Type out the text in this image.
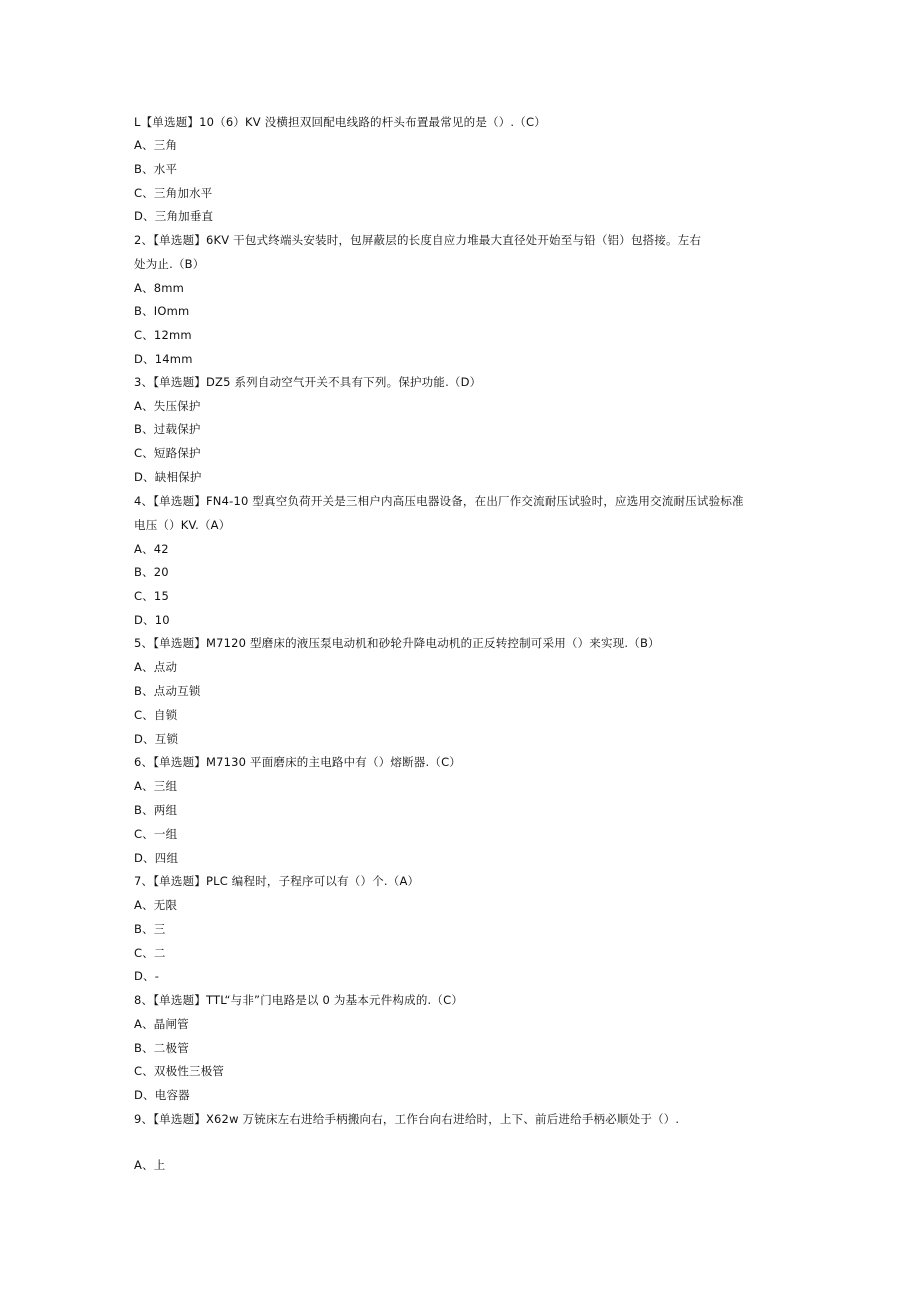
L【单选题】10（6）KV 没横担双回配电线路的杆头布置最常见的是（）.（C）
A、三角
B、水平
C、三角加水平
D、三角加垂直
2、【单选题】6KV 干包式终端头安装时，包屏蔽层的长度自应力堆最大直径处开始至与铅（铝）包搭接。左右
处为止.（B）
A、8mm
B、IOmm
C、12mm
D、14mm
3、【单选题】DZ5 系列自动空气开关不具有下列。保护功能.（D）
A、失压保护
B、过载保护
C、短路保护
D、缺相保护
4、【单选题】FN4-10 型真空负荷开关是三相户内高压电器设备，在出厂作交流耐压试验时，应选用交流耐压试验标准
电压（）KV.（A）
A、42
B、20
C、15
D、10
5、【单选题】M7120 型磨床的液压泵电动机和砂轮升降电动机的正反转控制可采用（）来实现.（B）
A、点动
B、点动互锁
C、自锁
D、互锁
6、【单选题】M7130 平面磨床的主电路中有（）熔断器.（C）
A、三组
B、两组
C、一组
D、四组
7、【单选题】PLC 编程时，子程序可以有（）个.（A）
A、无限
B、三
C、二
D、-
8、【单选题】TTL“与非”门电路是以 0 为基本元件构成的.（C）
A、晶闸管
B、二极管
C、双极性三极管
D、电容器
9、【单选题】X62w 万铳床左右进给手柄搬向右，工作台向右进给时，上下、前后进给手柄必顺处于（）.
A、上
